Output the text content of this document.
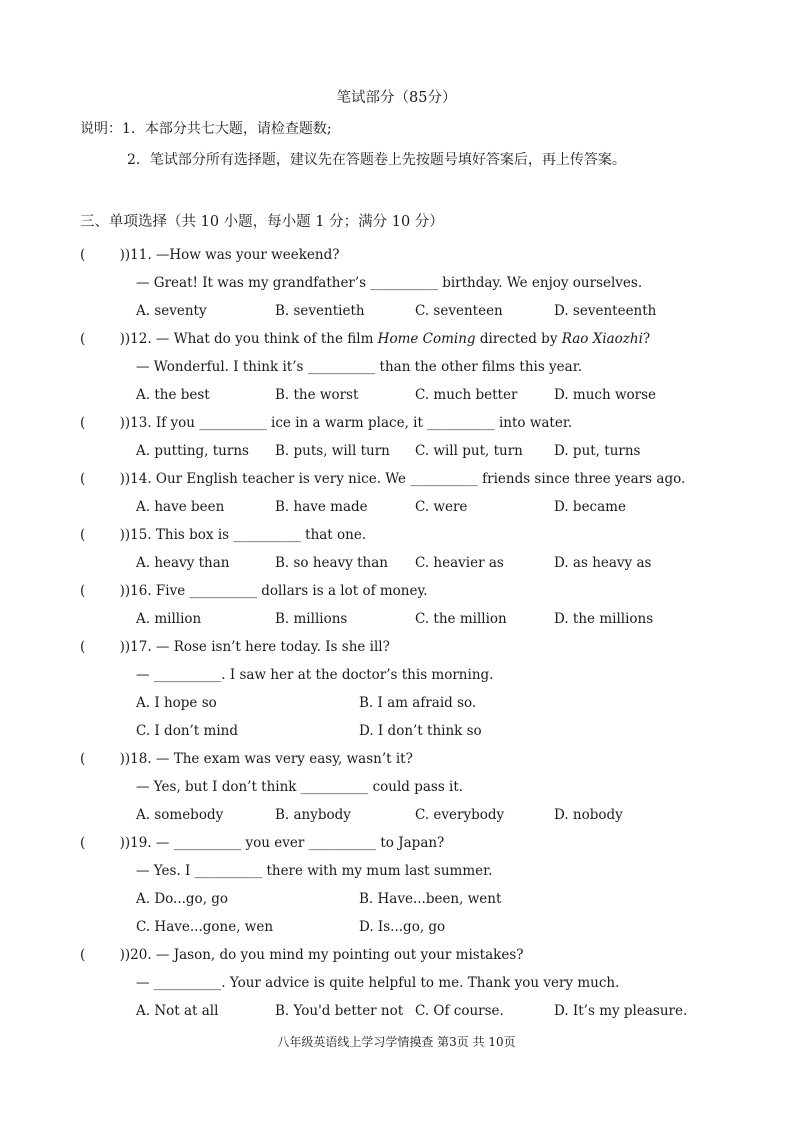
笔试部分（85分）
说明：1．本部分共七大题，请检查题数;
2．笔试部分所有选择题，建议先在答题卷上先按题号填好答案后，再上传答案。
三、单项选择（共 10 小题，每小题 1 分；满分 10 分）
(        ))11. —How was your weekend?
— Great! It was my grandfather’s __________ birthday. We enjoy ourselves.
A. seventy	B. seventieth	C. seventeen	D. seventeenth
(        ))12. — What do you think of the film Home Coming directed by Rao Xiaozhi?
— Wonderful. I think it’s __________ than the other films this year.
A. the best	B. the worst	C. much better	D. much worse
(        ))13. If you __________ ice in a warm place, it __________ into water.
A. putting, turns B. puts, will turn C. will put, turn D. put, turns
(        ))14. Our English teacher is very nice. We __________ friends since three years ago.
A. have been	B. have made	C. were	D. became
(        ))15. This box is __________ that one.
A. heavy than	B. so heavy than C. heavier as	D. as heavy as
(        ))16. Five __________ dollars is a lot of money.
A. million	B. millions	C. the million	D. the millions
(        ))17. — Rose isn’t here today. Is she ill?
— __________. I saw her at the doctor’s this morning.
A. I hope so	B. I am afraid so.
C. I don’t mind	D. I don’t think so
(        ))18. — The exam was very easy, wasn’t it?
— Yes, but I don’t think __________ could pass it.
A. somebody	B. anybody	C. everybody	D. nobody
(        ))19. — __________ you ever __________ to Japan?
— Yes. I __________ there with my mum last summer.
A. Do...go, go	B. Have...been, went
C. Have...gone, wen	D. Is...go, go
(        ))20. — Jason, do you mind my pointing out your mistakes?
— __________. Your advice is quite helpful to me. Thank you very much.
A. Not at all	B. You'd better not C. Of course.	D. It’s my pleasure.
八年级英语线上学习学情摸查 第3页 共 10页
